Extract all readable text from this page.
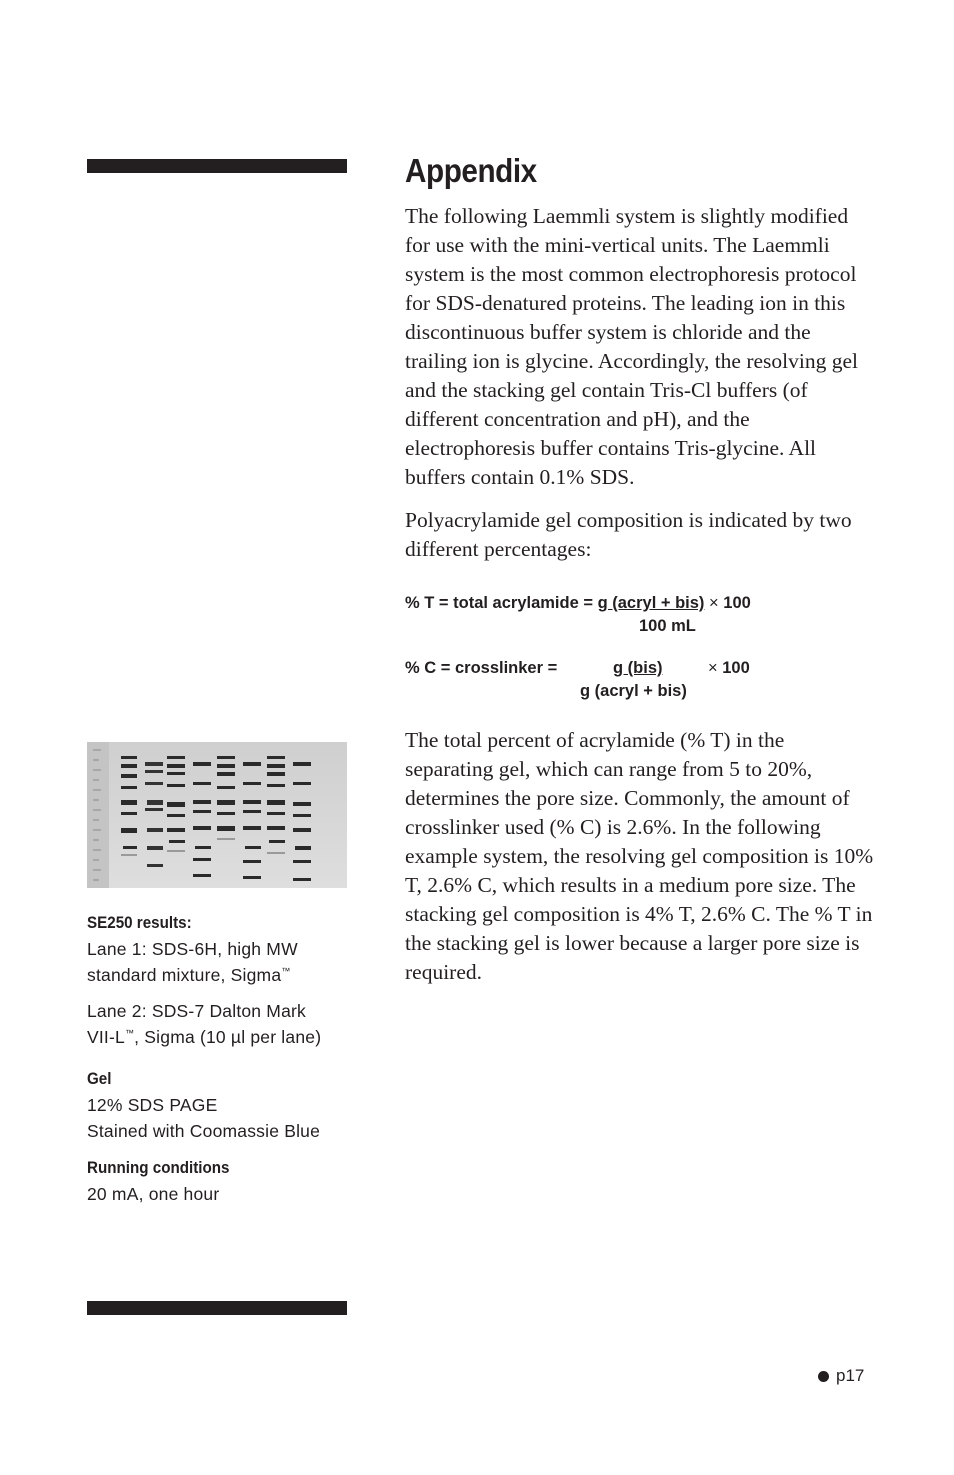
Appendix

The following Laemmli system is slightly modified for use with the mini-vertical units. The Laemmli system is the most common electrophoresis protocol for SDS-denatured proteins. The leading ion in this discontinuous buffer system is chloride and the trailing ion is glycine. Accordingly, the resolving gel and the stacking gel contain Tris-Cl buffers (of different concentration and pH), and the electrophoresis buffer contains Tris-glycine. All buffers contain 0.1% SDS.

Polyacrylamide gel composition is indicated by two different percentages:

% T = total acrylamide = g (acryl + bis) × 100
100 mL
% C = crosslinker =	g (bis)	× 100
g (acryl + bis)

The total percent of acrylamide (% T) in the separating gel, which can range from 5 to 20%, determines the pore size. Commonly, the amount of crosslinker used (% C) is 2.6%. In the following example system, the resolving gel composition is 10% T, 2.6% C, which results in a medium pore size. The stacking gel composition is 4% T, 2.6% C. The % T in the stacking gel is lower because a larger pore size is required.

SE250 results:
Lane 1: SDS-6H, high MW
standard mixture, Sigma™
Lane 2: SDS-7 Dalton Mark
VII-L™, Sigma (10 µl per lane)
Gel
12% SDS PAGE
Stained with Coomassie Blue
Running conditions
20 mA, one hour
p17
